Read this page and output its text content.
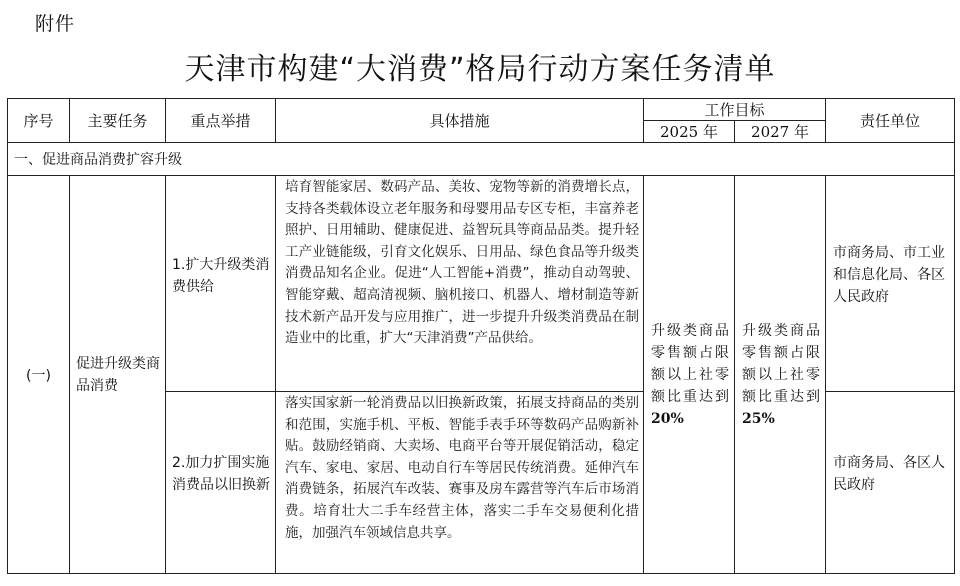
附件
天津市构建“大消费”格局行动方案任务清单
序号	主要任务	重点举措	具体措施	工作目标		责任单位
				2025 年	2027 年	
一、促进商品消费扩容升级						
(一)	促进升级类商品消费	1.扩大升级类消费供给	培育智能家居、数码产品、美妆、宠物等新的消费增长点，支持各类载体设立老年服务和母婴用品专区专柜，丰富养老照护、日用辅助、健康促进、益智玩具等商品品类。提升轻工产业链能级，引育文化娱乐、日用品、绿色食品等升级类消费品知名企业。促进“人工智能+消费”，推动自动驾驶、智能穿戴、超高清视频、脑机接口、机器人、增材制造等新技术新产品开发与应用推广，进一步提升升级类消费品在制造业中的比重，扩大“天津消费”产品供给。	升级类商品零售额占限额以上社零额比重达到20%	升级类商品零售额占限额以上社零额比重达到25%	市商务局、市工业和信息化局、各区人民政府
		2.加力扩围实施消费品以旧换新	落实国家新一轮消费品以旧换新政策，拓展支持商品的类别和范围，实施手机、平板、智能手表手环等数码产品购新补贴。鼓励经销商、大卖场、电商平台等开展促销活动，稳定汽车、家电、家居、电动自行车等居民传统消费。延伸汽车消费链条，拓展汽车改装、赛事及房车露营等汽车后市场消费。培育壮大二手车经营主体，落实二手车交易便利化措施，加强汽车领域信息共享。			市商务局、各区人民政府
